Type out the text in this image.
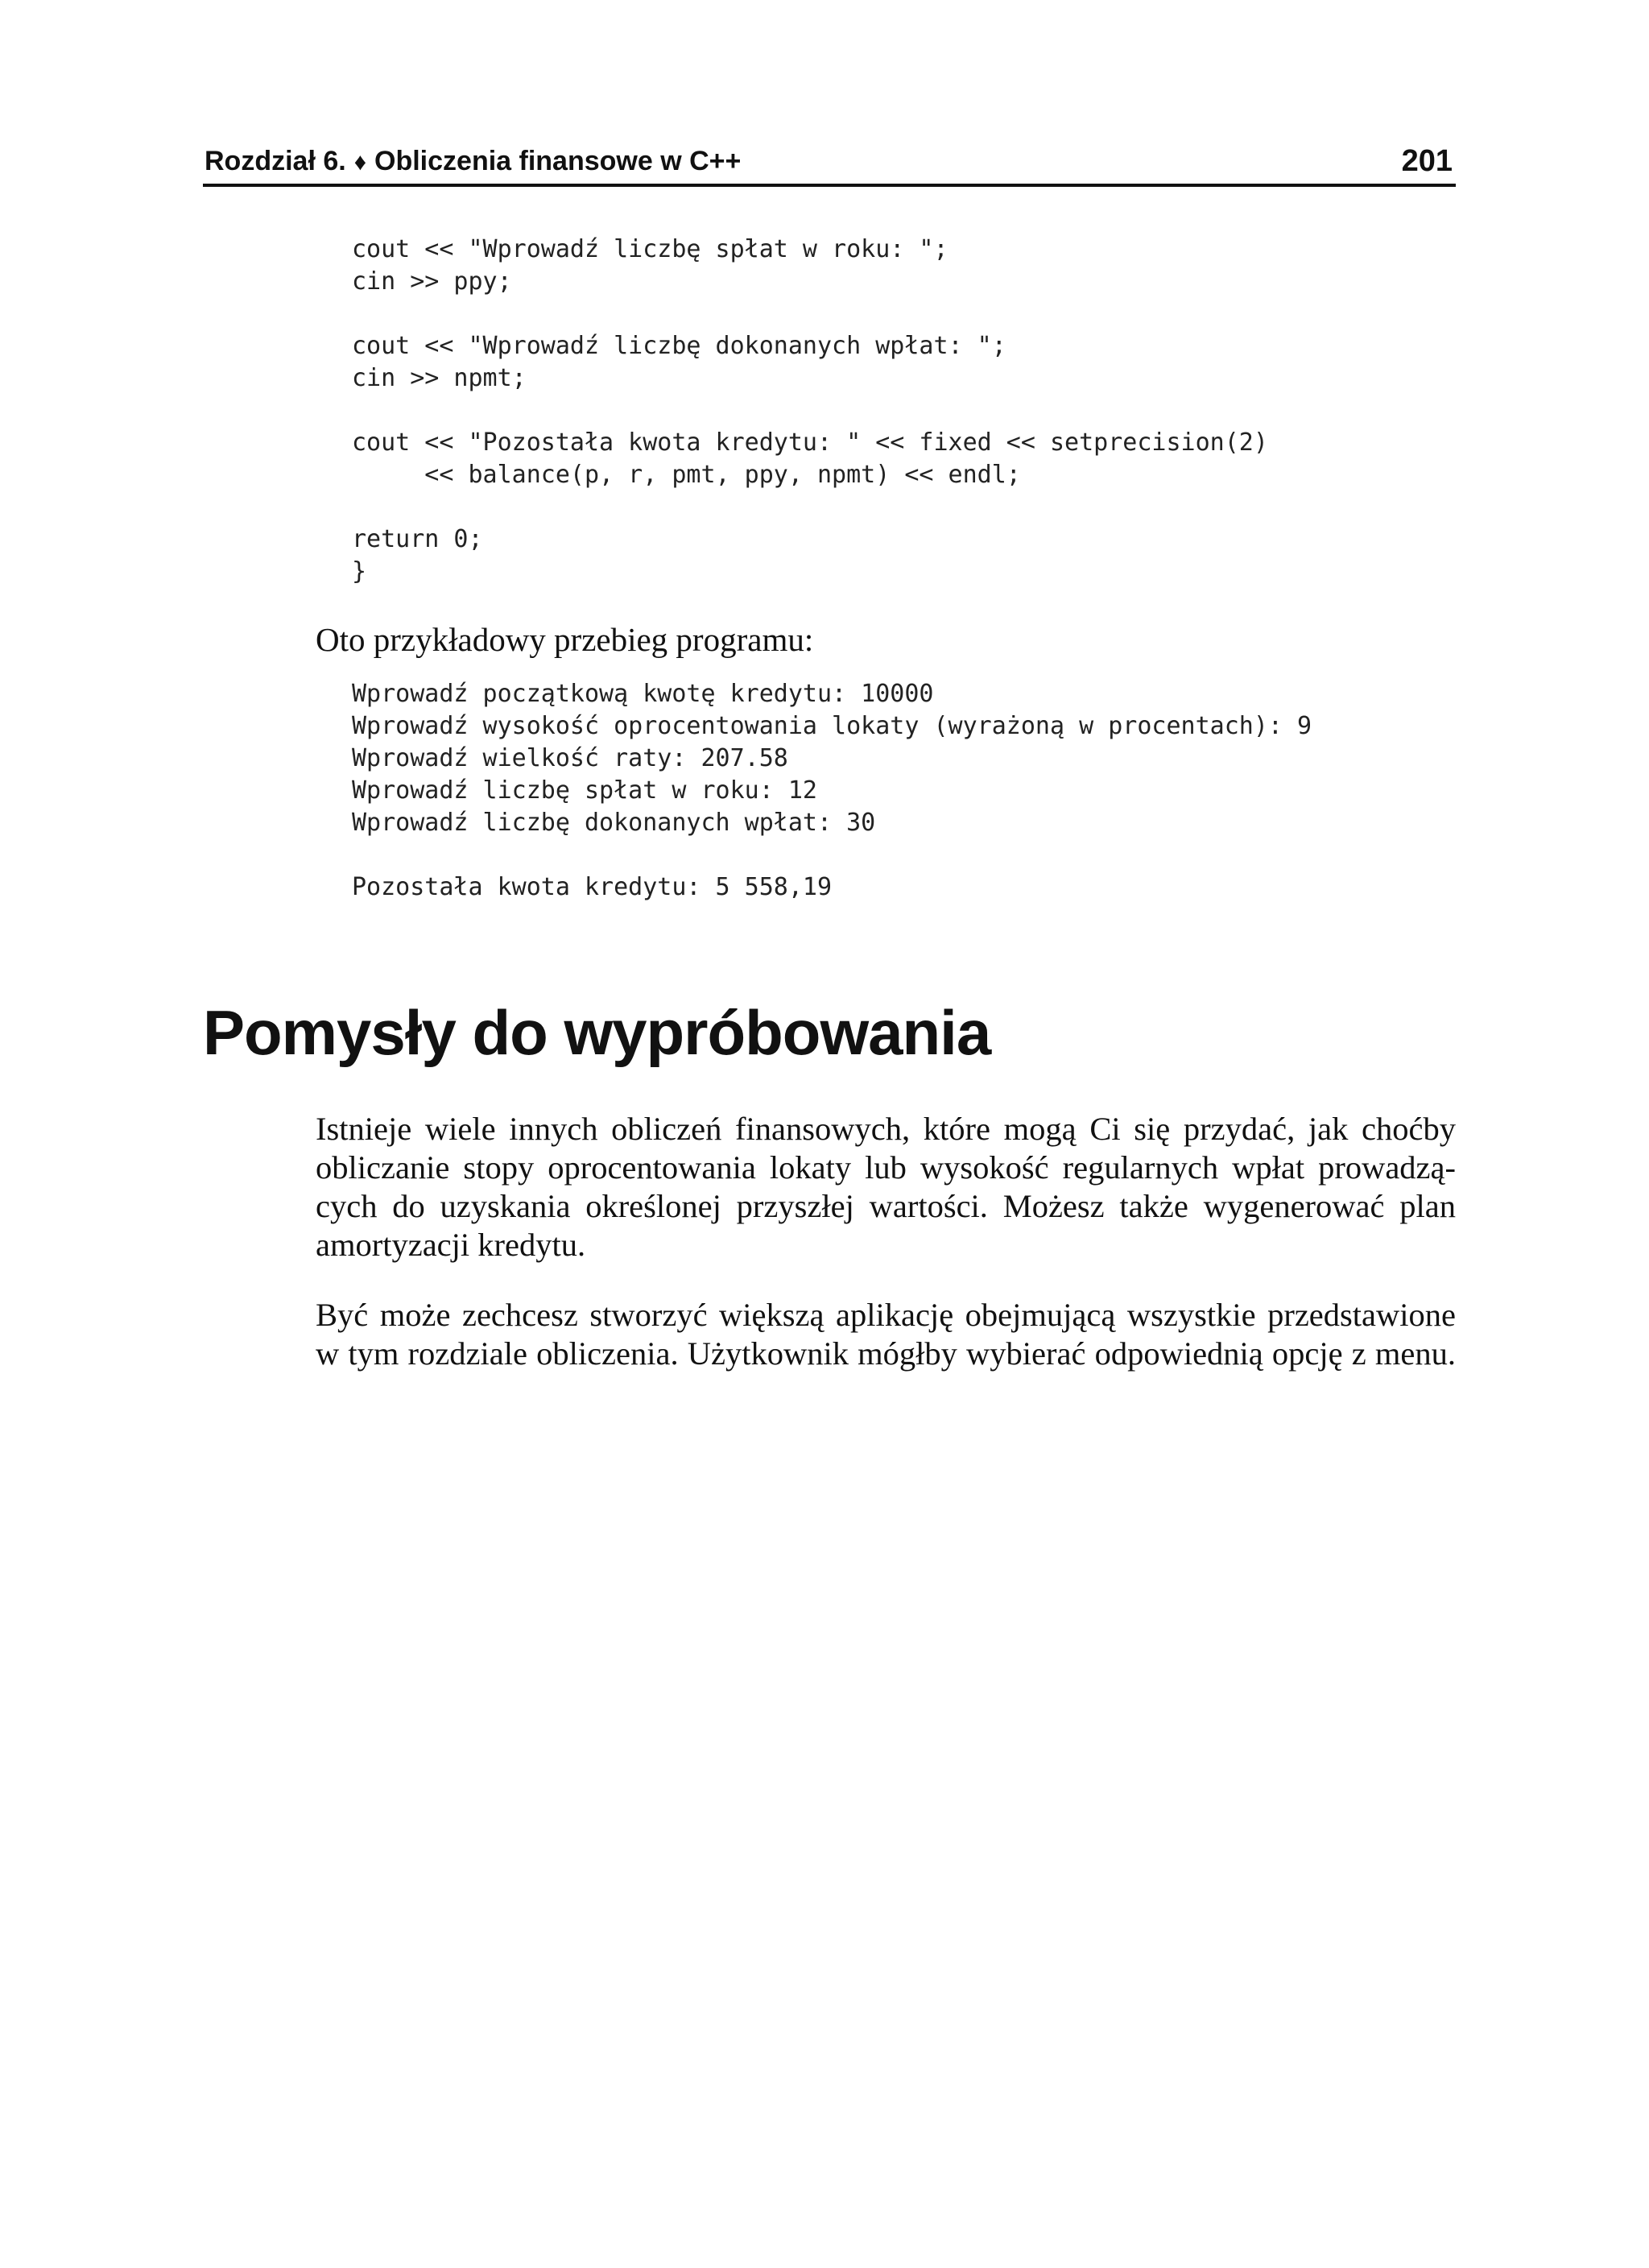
Rozdział 6. ♦ Obliczenia finansowe w C++	201
cout << "Wprowadź liczbę spłat w roku: ";
cin >> ppy;

cout << "Wprowadź liczbę dokonanych wpłat: ";
cin >> npmt;

cout << "Pozostała kwota kredytu: " << fixed << setprecision(2)
<< balance(p, r, pmt, ppy, npmt) << endl;

return 0;
}
Oto przykładowy przebieg programu:
Wprowadź początkową kwotę kredytu: 10000
Wprowadź wysokość oprocentowania lokaty (wyrażoną w procentach): 9
Wprowadź wielkość raty: 207.58
Wprowadź liczbę spłat w roku: 12
Wprowadź liczbę dokonanych wpłat: 30

Pozostała kwota kredytu: 5 558,19
Pomysły do wypróbowania

Istnieje wiele innych obliczeń finansowych, które mogą Ci się przydać, jak choćby
obliczanie stopy oprocentowania lokaty lub wysokość regularnych wpłat prowadzą-
cych do uzyskania określonej przyszłej wartości. Możesz także wygenerować plan
amortyzacji kredytu.

Być może zechcesz stworzyć większą aplikację obejmującą wszystkie przedstawione
w tym rozdziale obliczenia. Użytkownik mógłby wybierać odpowiednią opcję z menu.
